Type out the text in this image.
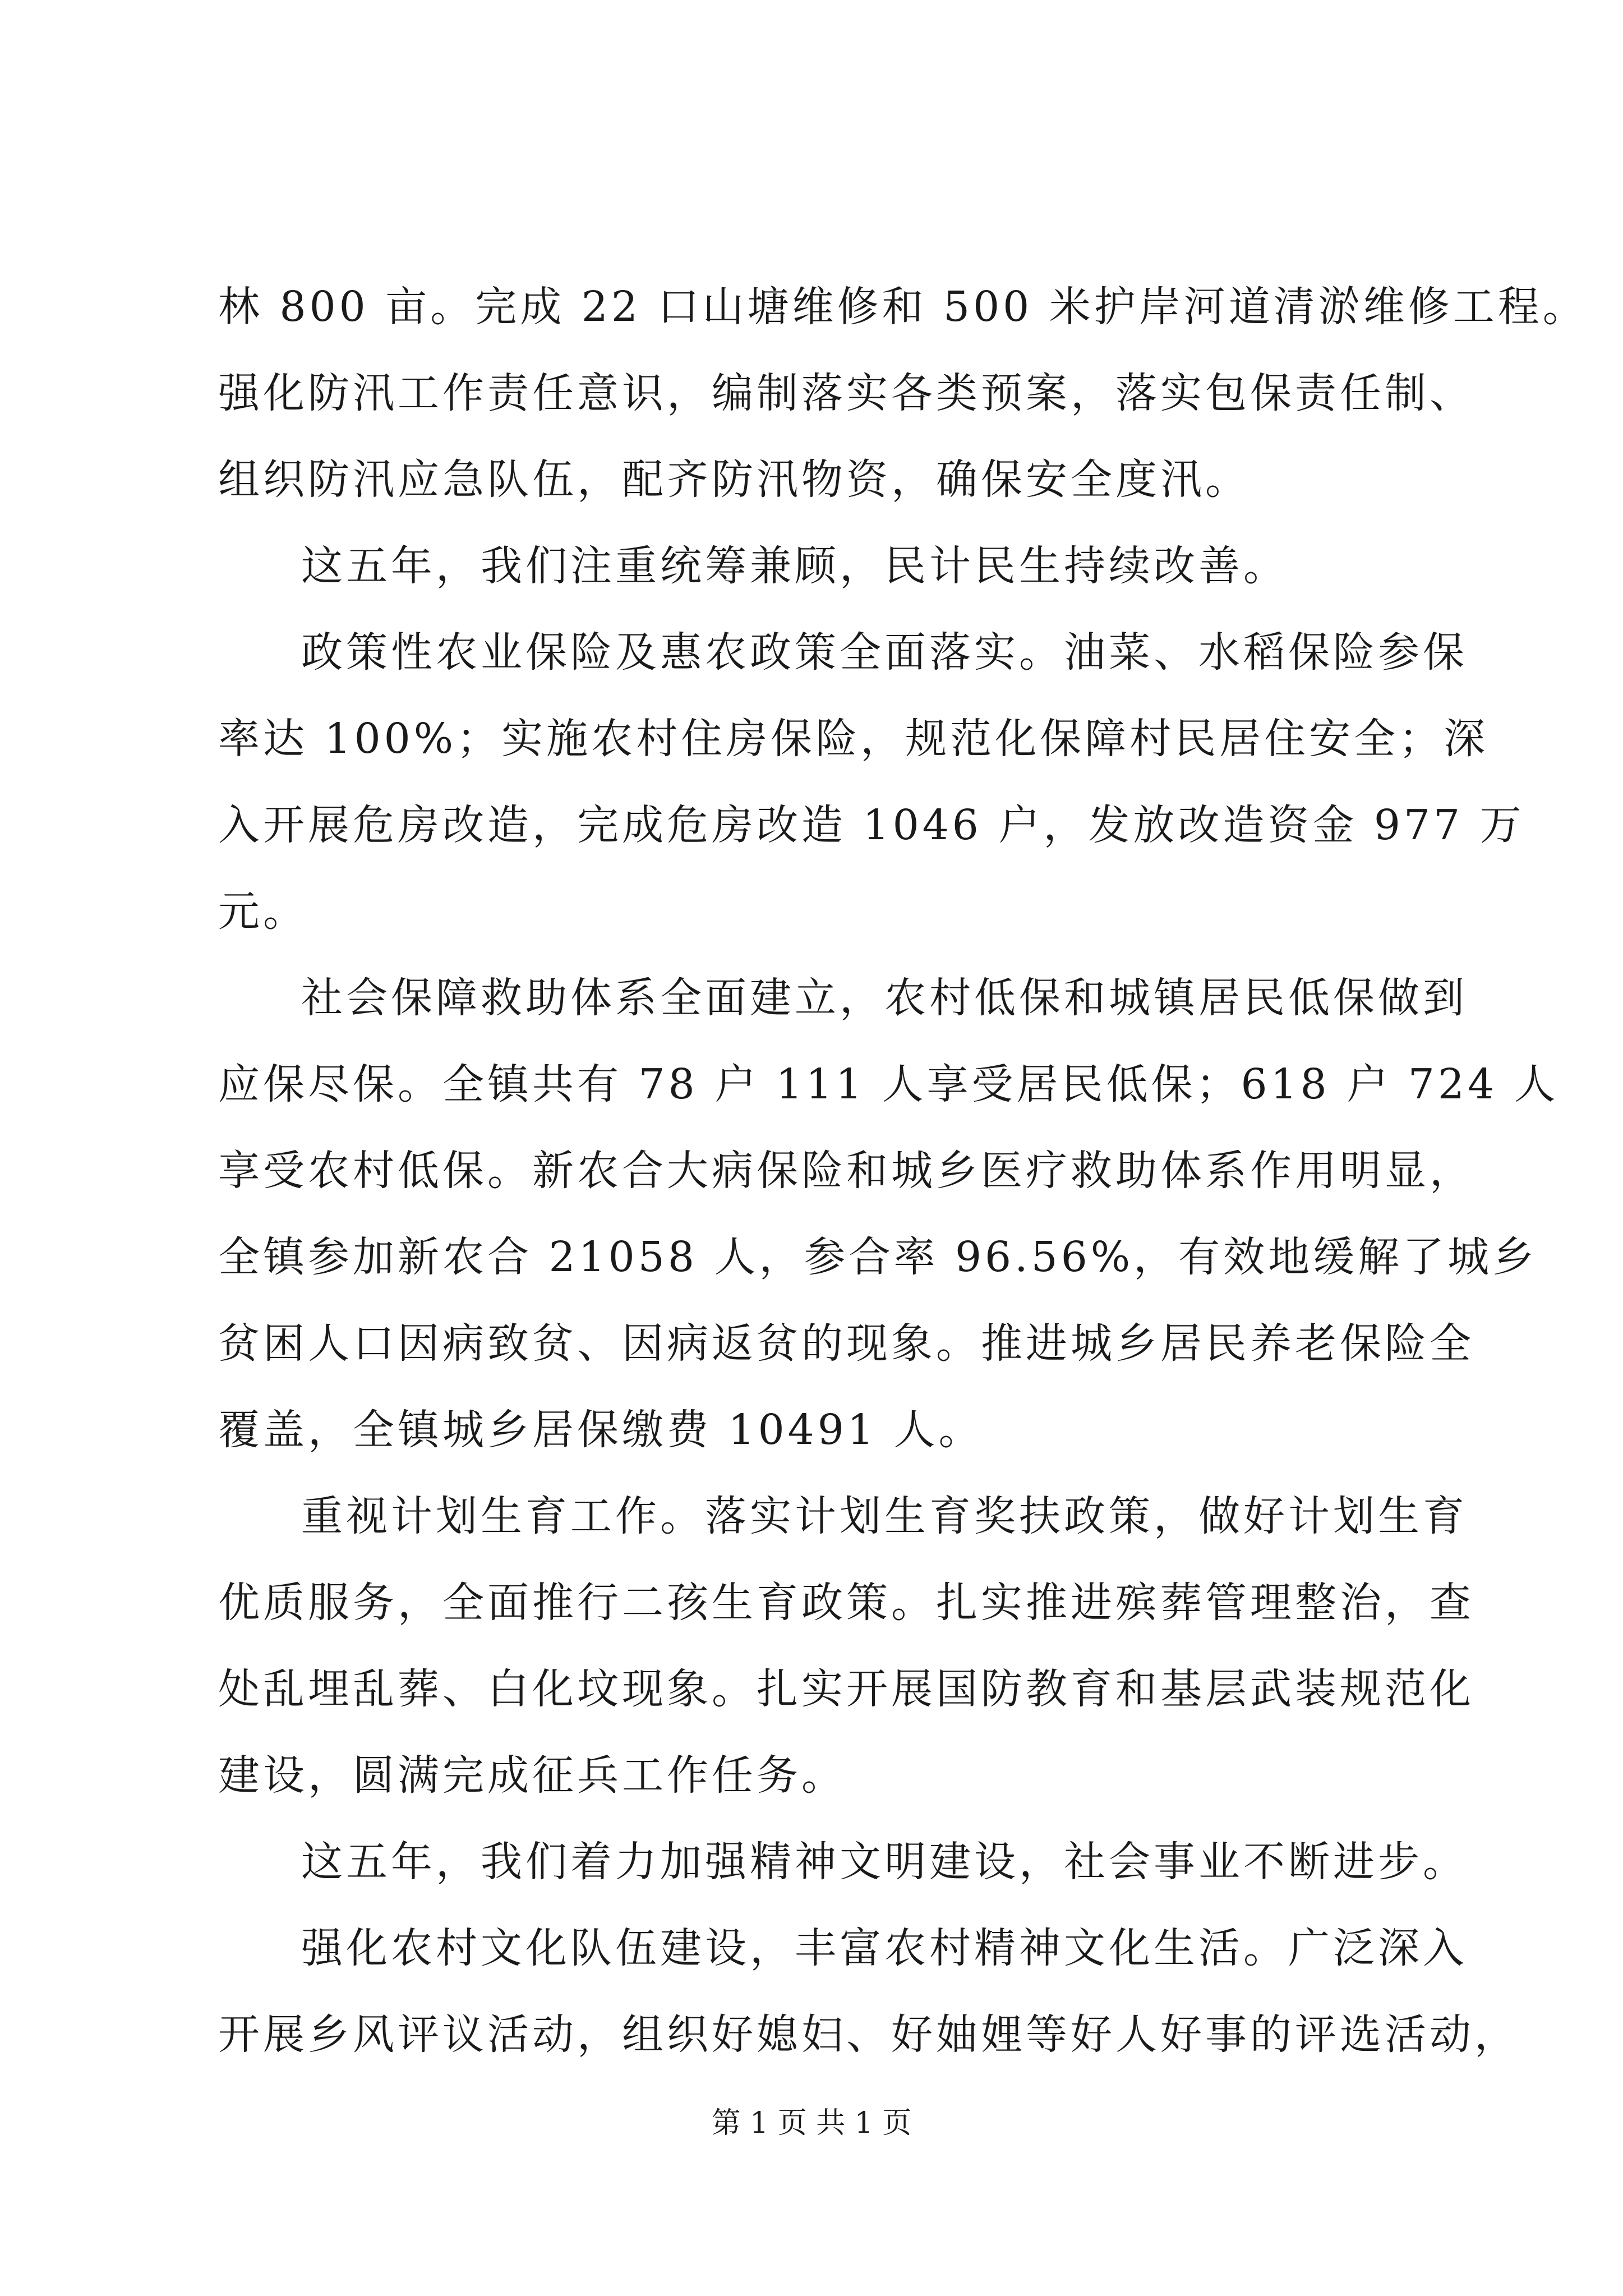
林 800 亩。完成 22 口山塘维修和 500 米护岸河道清淤维修工程。
强化防汛工作责任意识，编制落实各类预案，落实包保责任制、
组织防汛应急队伍，配齐防汛物资，确保安全度汛。
这五年，我们注重统筹兼顾，民计民生持续改善。
政策性农业保险及惠农政策全面落实。油菜、水稻保险参保
率达 100%；实施农村住房保险，规范化保障村民居住安全；深
入开展危房改造，完成危房改造 1046 户，发放改造资金 977 万
元。
社会保障救助体系全面建立，农村低保和城镇居民低保做到
应保尽保。全镇共有 78 户 111 人享受居民低保；618 户 724 人
享受农村低保。新农合大病保险和城乡医疗救助体系作用明显，
全镇参加新农合 21058 人，参合率 96.56%，有效地缓解了城乡
贫困人口因病致贫、因病返贫的现象。推进城乡居民养老保险全
覆盖，全镇城乡居保缴费 10491 人。
重视计划生育工作。落实计划生育奖扶政策，做好计划生育
优质服务，全面推行二孩生育政策。扎实推进殡葬管理整治，查
处乱埋乱葬、白化坟现象。扎实开展国防教育和基层武装规范化
建设，圆满完成征兵工作任务。
这五年，我们着力加强精神文明建设，社会事业不断进步。
强化农村文化队伍建设，丰富农村精神文化生活。广泛深入
开展乡风评议活动，组织好媳妇、好妯娌等好人好事的评选活动，
第 1 页 共 1 页
